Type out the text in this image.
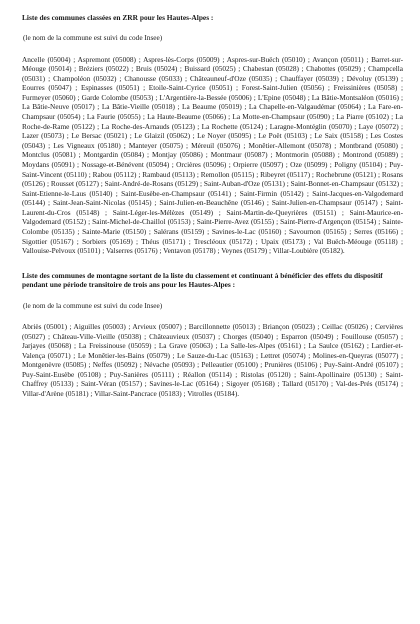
Liste des communes classées en ZRR pour les Hautes-Alpes :

(le nom de la commune est suivi du code Insee)

Ancelle (05004) ; Aspremont (05008) ; Aspres-lès-Corps (05009) ; Aspres-sur-Buëch (05010) ; Avançon (05011) ; Barret-sur-Méouge (05014) ; Bréziers (05022) ; Bruis (05024) ; Buissard (05025) ; Chabestan (05028) ; Chabottes (05029) ; Champcella (05031) ; Champoléon (05032) ; Chanousse (05033) ; Châteauneuf-d'Oze (05035) ; Chauffayer (05039) ; Dévoluy (05139) ; Eourres (05047) ; Espinasses (05051) ; Etoile-Saint-Cyrice (05051) ; Forest-Saint-Julien (05056) ; Freissinières (05058) ; Furmeyer (05060) ; Garde Colombe (05053) ; L'Argentière-la-Bessée (05006) ; L'Epine (05048) ; La Bâtie-Montsaléon (05016) ; La Bâtie-Neuve (05017) ; La Bâtie-Vieille (05018) ; La Beaume (05019) ; La Chapelle-en-Valgaudémar (05064) ; La Fare-en-Champsaur (05054) ; La Faurie (05055) ; La Haute-Beaume (05066) ; La Motte-en-Champsaur (05090) ; La Piarre (05102) ; La Roche-de-Rame (05122) ; La Roche-des-Arnauds (05123) ; La Rochette (05124) ; Laragne-Montéglin (05070) ; Laye (05072) ; Lazer (05073) ; Le Bersac (05021) ; Le Glaizil (05062) ; Le Noyer (05095) ; Le Poët (05103) ; Le Saix (05158) ; Les Costes (05043) ; Les Vigneaux (05180) ; Manteyer (05075) ; Méreuil (05076) ; Monêtier-Allemont (05078) ; Montbrand (05080) ; Montclus (05081) ; Montgardin (05084) ; Montjay (05086) ; Montmaur (05087) ; Montmorin (05088) ; Montrond (05089) ; Moydans (05091) ; Nossage-et-Bénévent (05094) ; Orcières (05096) ; Orpierre (05097) ; Oze (05099) ; Poligny (05104) ; Puy-Saint-Vincent (05110) ; Rabou (05112) ; Rambaud (05113) ; Remollon (05115) ; Ribeyret (05117) ; Rochebrune (05121) ; Rosans (05126) ; Rousset (05127) ; Saint-André-de-Rosans (05129) ; Saint-Auban-d'Oze (05131) ; Saint-Bonnet-en-Champsaur (05132) ; Saint-Etienne-le-Laus (05140) ; Saint-Eusèbe-en-Champsaur (05141) ; Saint-Firmin (05142) ; Saint-Jacques-en-Valgodemard (05144) ; Saint-Jean-Saint-Nicolas (05145) ; Saint-Julien-en-Beauchêne (05146) ; Saint-Julien-en-Champsaur (05147) ; Saint-Laurent-du-Cros (05148) ; Saint-Léger-les-Mélèzes (05149) ; Saint-Martin-de-Queyrières (05151) ; Saint-Maurice-en-Valgodemard (05152) ; Saint-Michel-de-Chaillol (05153) ; Saint-Pierre-Avez (05155) ; Saint-Pierre-d'Argençon (05154) ; Sainte-Colombe (05135) ; Sainte-Marie (05150) ; Salérans (05159) ; Savines-le-Lac (05160) ; Savournon (05165) ; Serres (05166) ; Sigottier (05167) ; Sorbiers (05169) ; Théus (05171) ; Trescléoux (05172) ; Upaix (05173) ; Val Buëch-Méouge (05118) ; Vallouise-Pelvoux (05101) ; Valserres (05176) ; Ventavon (05178) ; Veynes (05179) ; Villar-Loubière (05182).

Liste des communes de montagne sortant de la liste du classement et continuant à bénéficier des effets du dispositif pendant une période transitoire de trois ans pour les Hautes-Alpes :

(le nom de la commune est suivi du code Insee)

Abriès (05001) ; Aiguilles (05003) ; Arvieux (05007) ; Barcillonnette (05013) ; Briançon (05023) ; Ceillac (05026) ; Cervières (05027) ; Château-Ville-Vieille (05038) ; Châteauvieux (05037) ; Chorges (05040) ; Esparron (05049) ; Fouillouse (05057) ; Jarjayes (05068) ; La Freissinouse (05059) ; La Grave (05063) ; La Salle-les-Alpes (05161) ; La Saulce (05162) ; Lardier-et-Valença (05071) ; Le Monêtier-les-Bains (05079) ; Le Sauze-du-Lac (05163) ; Lettret (05074) ; Molines-en-Queyras (05077) ; Montgenèvre (05085) ; Neffes (05092) ; Névache (05093) ; Pelleautier (05100) ; Prunières (05106) ; Puy-Saint-André (05107) ; Puy-Saint-Eusèbe (05108) ; Puy-Sanières (05111) ; Réallon (05114) ; Ristolas (05120) ; Saint-Apollinaire (05130) ; Saint-Chaffrey (05133) ; Saint-Véran (05157) ; Savines-le-Lac (05164) ; Sigoyer (05168) ; Tallard (05170) ; Val-des-Prés (05174) ; Villar-d'Arène (05181) ; Villar-Saint-Pancrace (05183) ; Vitrolles (05184).
